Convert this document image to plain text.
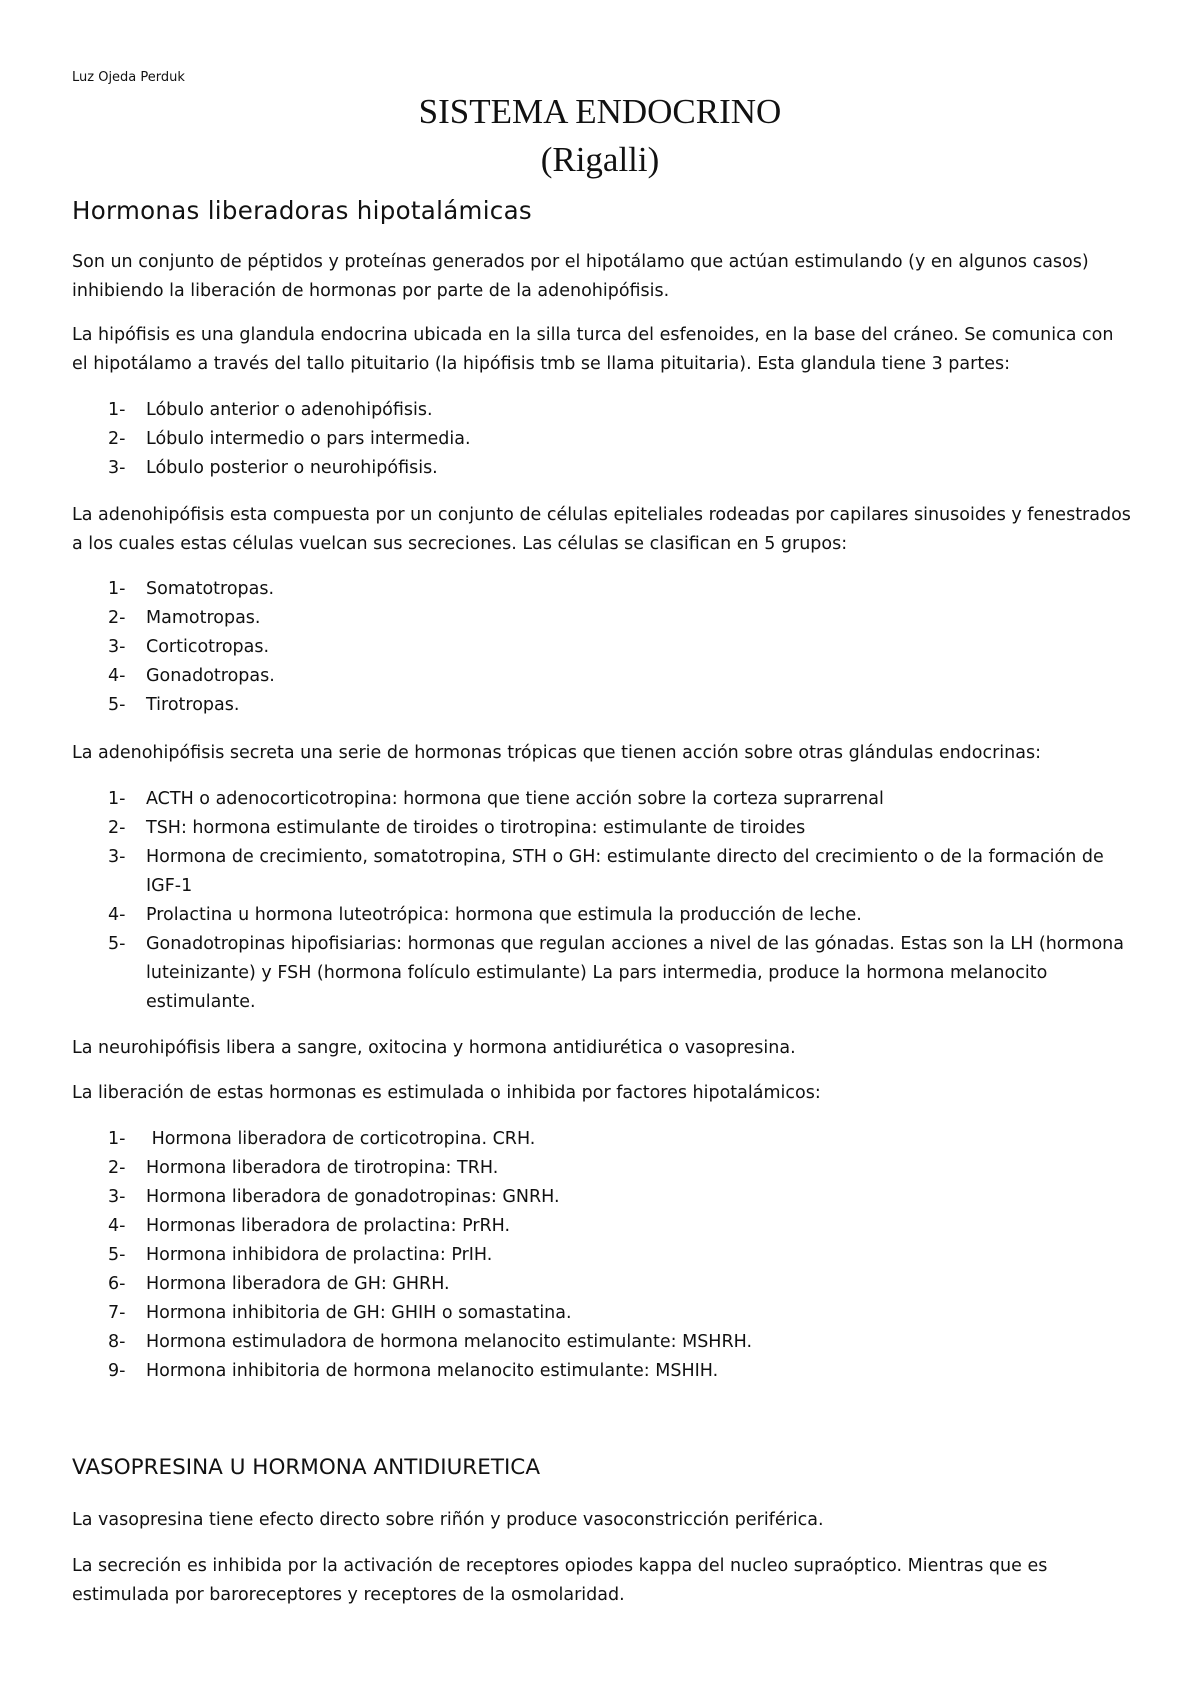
Luz Ojeda Perduk
SISTEMA ENDOCRINO
(Rigalli)
Hormonas liberadoras hipotalámicas
Son un conjunto de péptidos y proteínas generados por el hipotálamo que actúan estimulando (y en algunos casos) inhibiendo la liberación de hormonas por parte de la adenohipófisis.
La hipófisis es una glandula endocrina ubicada en la silla turca del esfenoides, en la base del cráneo. Se comunica con el hipotálamo a través del tallo pituitario (la hipófisis tmb se llama pituitaria). Esta glandula tiene 3 partes:
1- Lóbulo anterior o adenohipófisis.
2- Lóbulo intermedio o pars intermedia.
3- Lóbulo posterior o neurohipófisis.
La adenohipófisis esta compuesta por un conjunto de células epiteliales rodeadas por capilares sinusoides y fenestrados a los cuales estas células vuelcan sus secreciones. Las células se clasifican en 5 grupos:
1- Somatotropas.
2- Mamotropas.
3- Corticotropas.
4- Gonadotropas.
5- Tirotropas.
La adenohipófisis secreta una serie de hormonas trópicas que tienen acción sobre otras glándulas endocrinas:
1- ACTH o adenocorticotropina: hormona que tiene acción sobre la corteza suprarrenal
2- TSH: hormona estimulante de tiroides o tirotropina: estimulante de tiroides
3- Hormona de crecimiento, somatotropina, STH o GH: estimulante directo del crecimiento o de la formación de IGF-1
4- Prolactina u hormona luteotrópica: hormona que estimula la producción de leche.
5- Gonadotropinas hipofisiarias: hormonas que regulan acciones a nivel de las gónadas. Estas son la LH (hormona luteinizante) y FSH (hormona folículo estimulante) La pars intermedia, produce la hormona melanocito estimulante.
La neurohipófisis libera a sangre, oxitocina y hormona antidiurética o vasopresina.
La liberación de estas hormonas es estimulada o inhibida por factores hipotalámicos:
1- Hormona liberadora de corticotropina. CRH.
2- Hormona liberadora de tirotropina: TRH.
3- Hormona liberadora de gonadotropinas: GNRH.
4- Hormonas liberadora de prolactina: PrRH.
5- Hormona inhibidora de prolactina: PrIH.
6- Hormona liberadora de GH: GHRH.
7- Hormona inhibitoria de GH: GHIH o somastatina.
8- Hormona estimuladora de hormona melanocito estimulante: MSHRH.
9- Hormona inhibitoria de hormona melanocito estimulante: MSHIH.
VASOPRESINA U HORMONA ANTIDIURETICA
La vasopresina tiene efecto directo sobre riñón y produce vasoconstricción periférica.
La secreción es inhibida por la activación de receptores opiodes kappa del nucleo supraóptico. Mientras que es estimulada por baroreceptores y receptores de la osmolaridad.
